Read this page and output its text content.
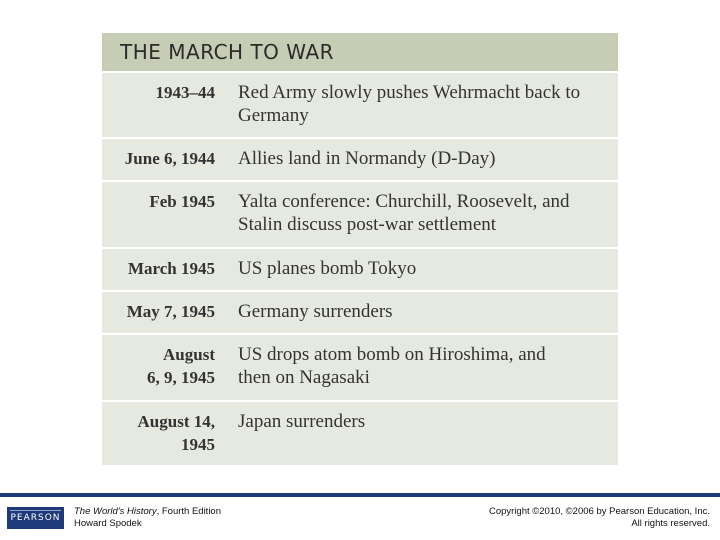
THE MARCH TO WAR
1943–44 Red Army slowly pushes Wehrmacht back to
Germany
June 6, 1944 Allies land in Normandy (D-Day)
Feb 1945 Yalta conference: Churchill, Roosevelt, and
Stalin discuss post-war settlement
March 1945 US planes bomb Tokyo
May 7, 1945 Germany surrenders
August
6, 9, 1945
US drops atom bomb on Hiroshima, and
then on Nagasaki
August 14,
1945
Japan surrenders
PEARSON
The World's History, Fourth Edition
Howard Spodek
Copyright ©2010, ©2006 by Pearson Education, Inc.
All rights reserved.
